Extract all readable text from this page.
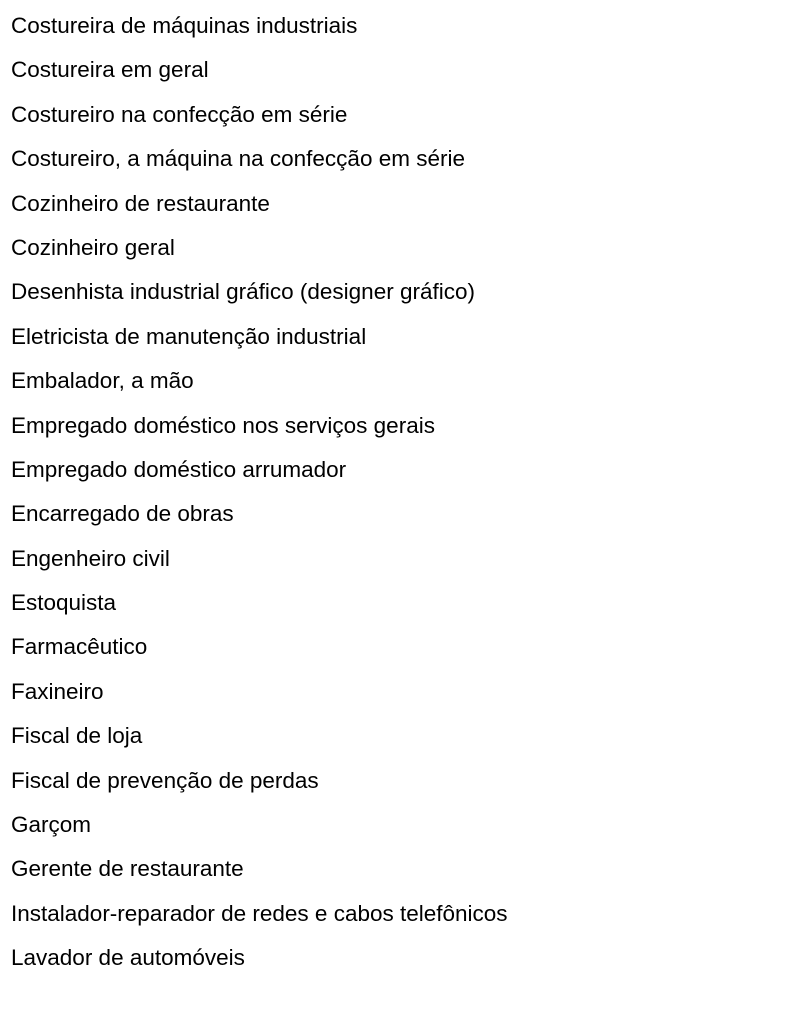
Costureira de máquinas industriais
Costureira em geral
Costureiro na confecção em série
Costureiro, a máquina na confecção em série
Cozinheiro de restaurante
Cozinheiro geral
Desenhista industrial gráfico (designer gráfico)
Eletricista de manutenção industrial
Embalador, a mão
Empregado doméstico nos serviços gerais
Empregado doméstico arrumador
Encarregado de obras
Engenheiro civil
Estoquista
Farmacêutico
Faxineiro
Fiscal de loja
Fiscal de prevenção de perdas
Garçom
Gerente de restaurante
Instalador-reparador de redes e cabos telefônicos
Lavador de automóveis
